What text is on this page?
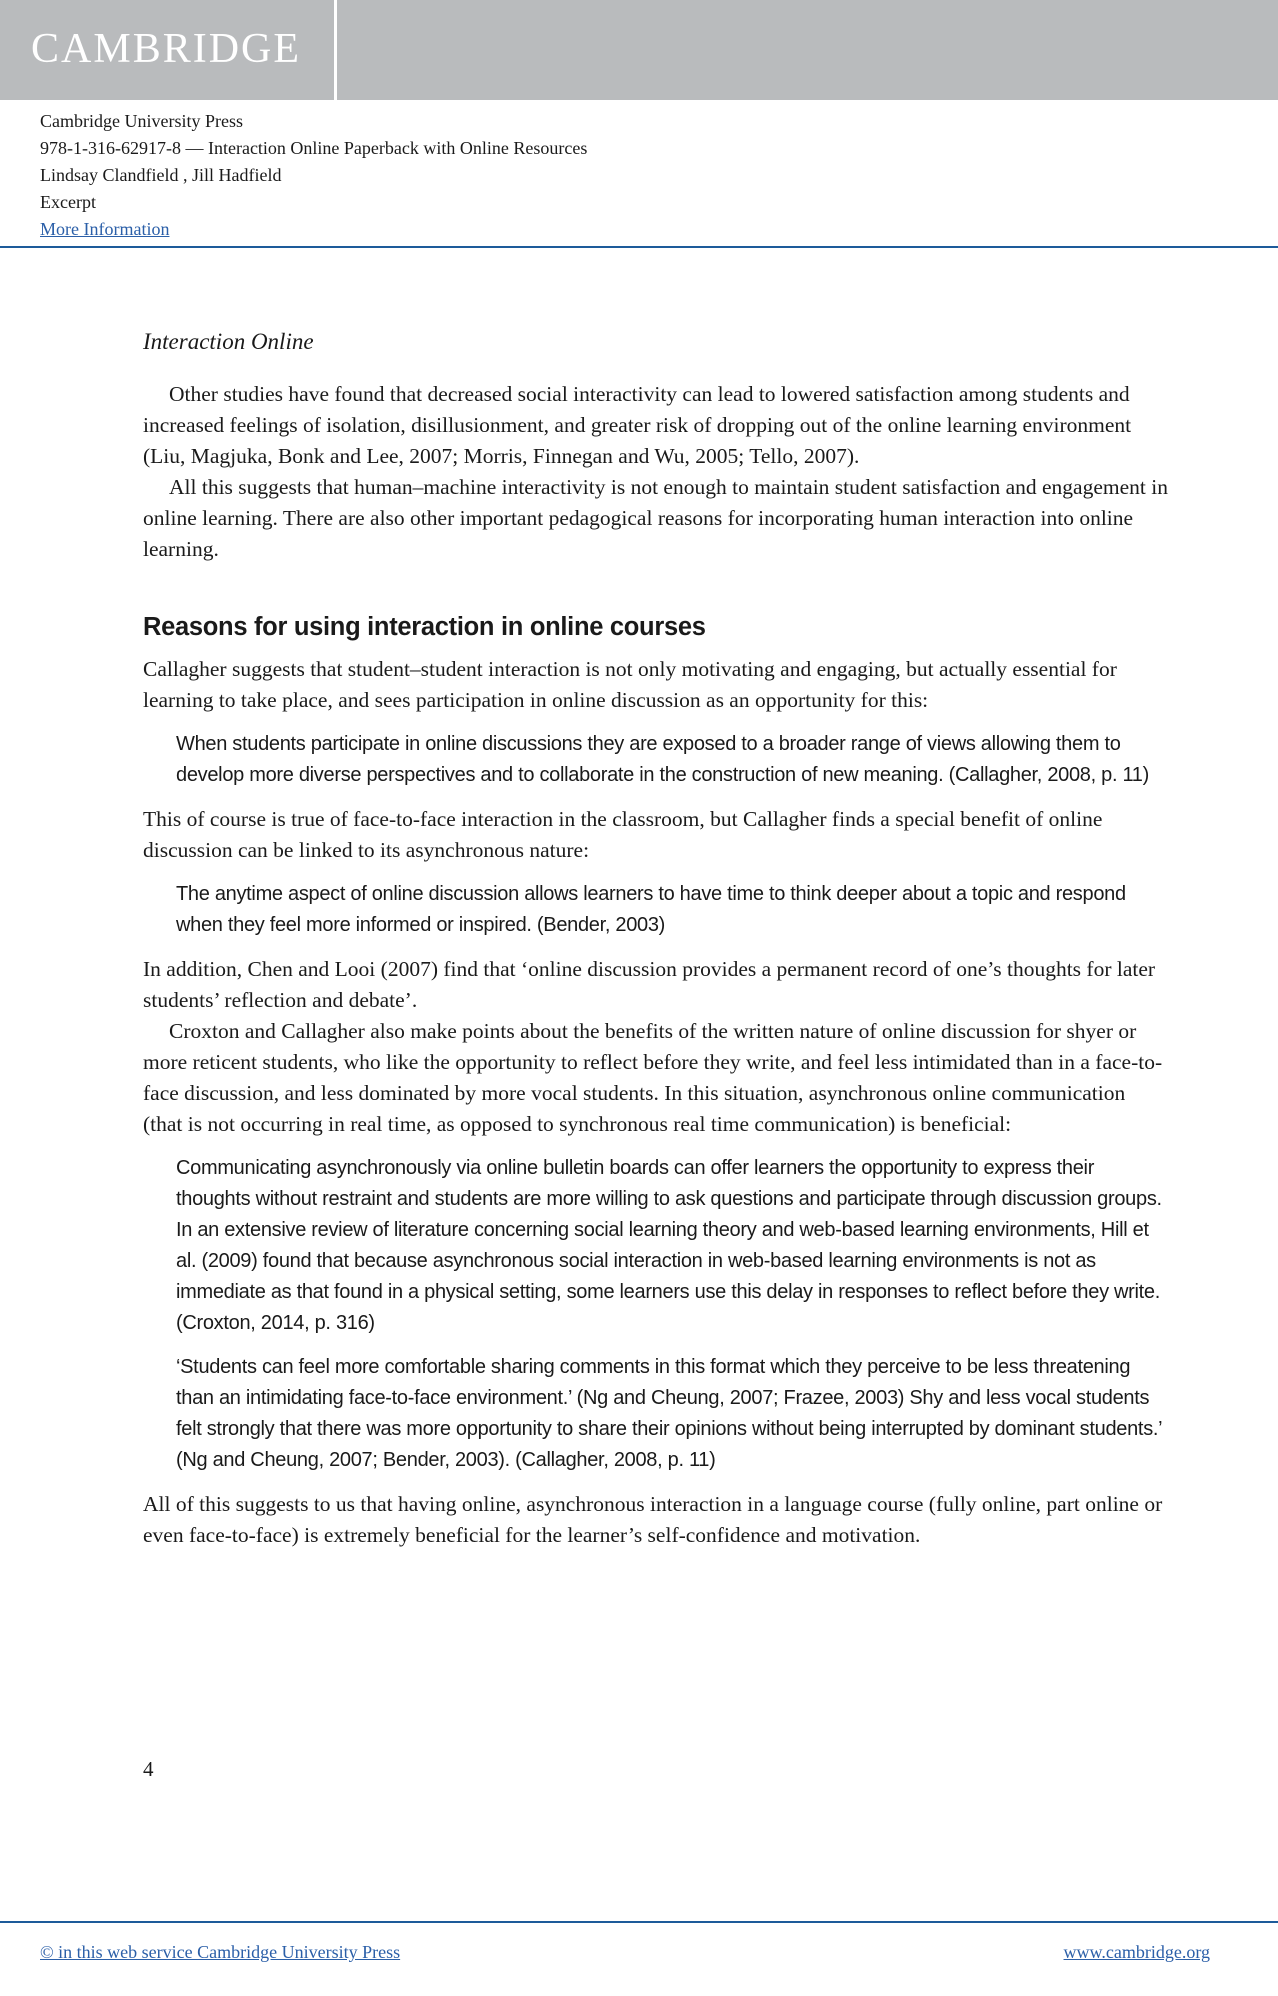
CAMBRIDGE
Cambridge University Press
978-1-316-62917-8 — Interaction Online Paperback with Online Resources
Lindsay Clandfield , Jill Hadfield
Excerpt
More Information
Interaction Online

Other studies have found that decreased social interactivity can lead to lowered satisfaction among students and increased feelings of isolation, disillusionment, and greater risk of dropping out of the online learning environment (Liu, Magjuka, Bonk and Lee, 2007; Morris, Finnegan and Wu, 2005; Tello, 2007).

All this suggests that human–machine interactivity is not enough to maintain student satisfaction and engagement in online learning. There are also other important pedagogical reasons for incorporating human interaction into online learning.

Reasons for using interaction in online courses

Callagher suggests that student–student interaction is not only motivating and engaging, but actually essential for learning to take place, and sees participation in online discussion as an opportunity for this:

When students participate in online discussions they are exposed to a broader range of views allowing them to develop more diverse perspectives and to collaborate in the construction of new meaning. (Callagher, 2008, p. 11)

This of course is true of face-to-face interaction in the classroom, but Callagher finds a special benefit of online discussion can be linked to its asynchronous nature:

The anytime aspect of online discussion allows learners to have time to think deeper about a topic and respond when they feel more informed or inspired. (Bender, 2003)

In addition, Chen and Looi (2007) find that ‘online discussion provides a permanent record of one’s thoughts for later students’ reflection and debate’.

Croxton and Callagher also make points about the benefits of the written nature of online discussion for shyer or more reticent students, who like the opportunity to reflect before they write, and feel less intimidated than in a face-to-face discussion, and less dominated by more vocal students. In this situation, asynchronous online communication (that is not occurring in real time, as opposed to synchronous real time communication) is beneficial:

Communicating asynchronously via online bulletin boards can offer learners the opportunity to express their thoughts without restraint and students are more willing to ask questions and participate through discussion groups. In an extensive review of literature concerning social learning theory and web-based learning environments, Hill et al. (2009) found that because asynchronous social interaction in web-based learning environments is not as immediate as that found in a physical setting, some learners use this delay in responses to reflect before they write. (Croxton, 2014, p. 316)
‘Students can feel more comfortable sharing comments in this format which they perceive to be less threatening than an intimidating face-to-face environment.’ (Ng and Cheung, 2007; Frazee, 2003) Shy and less vocal students felt strongly that there was more opportunity to share their opinions without being interrupted by dominant students.’ (Ng and Cheung, 2007; Bender, 2003). (Callagher, 2008, p. 11)

All of this suggests to us that having online, asynchronous interaction in a language course (fully online, part online or even face-to-face) is extremely beneficial for the learner’s self-confidence and motivation.

4
© in this web service Cambridge University Press	www.cambridge.org
